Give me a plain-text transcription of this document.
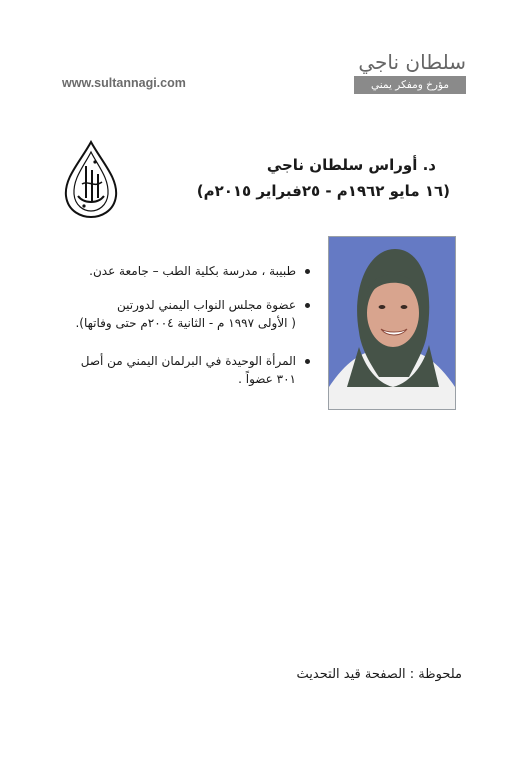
www.sultannagi.com
سلطان ناجي
مؤرخ ومفكر يمني
د. أوراس سلطان ناجي
(١٦ مايو ١٩٦٢م - ٢٥فبراير ٢٠١٥م)
طبيبة ، مدرسة بكلية الطب – جامعة عدن.
عضوة مجلس النواب اليمني لدورتين
( الأولى ١٩٩٧ م - الثانية ٢٠٠٤م حتى وفاتها).
المرأة الوحيدة في البرلمان اليمني من أصل
٣٠١ عضواً .
ملحوظة : الصفحة قيد التحديث
